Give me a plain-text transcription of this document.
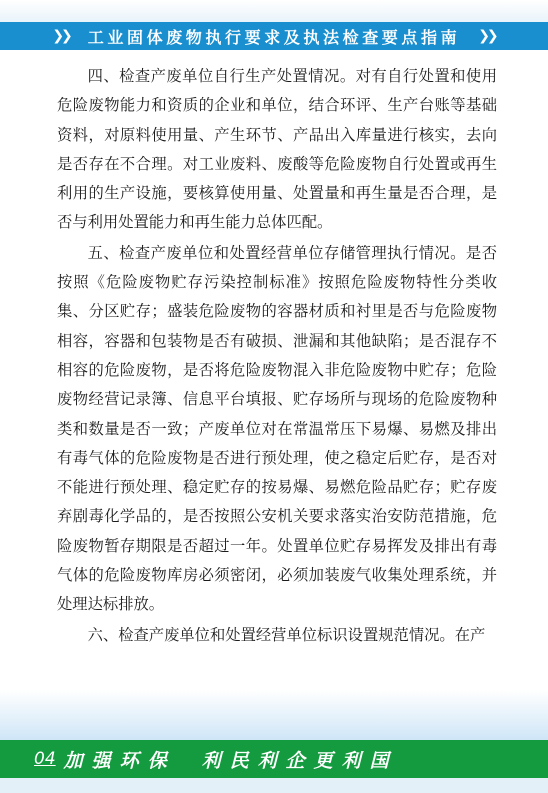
❯❯ 工业固体废物执行要求及执法检查要点指南 ❯❯

四、检查产废单位自行生产处置情况。对有自行处置和使用危险废物能力和资质的企业和单位，结合环评、生产台账等基础资料，对原料使用量、产生环节、产品出入库量进行核实，去向是否存在不合理。对工业废料、废酸等危险废物自行处置或再生利用的生产设施，要核算使用量、处置量和再生量是否合理，是否与利用处置能力和再生能力总体匹配。

五、检查产废单位和处置经营单位存储管理执行情况。是否按照《危险废物贮存污染控制标准》按照危险废物特性分类收集、分区贮存；盛装危险废物的容器材质和衬里是否与危险废物相容，容器和包装物是否有破损、泄漏和其他缺陷；是否混存不相容的危险废物，是否将危险废物混入非危险废物中贮存；危险废物经营记录簿、信息平台填报、贮存场所与现场的危险废物种类和数量是否一致；产废单位对在常温常压下易爆、易燃及排出有毒气体的危险废物是否进行预处理，使之稳定后贮存，是否对不能进行预处理、稳定贮存的按易爆、易燃危险品贮存；贮存废弃剧毒化学品的，是否按照公安机关要求落实治安防范措施，危险废物暂存期限是否超过一年。处置单位贮存易挥发及排出有毒气体的危险废物库房必须密闭，必须加装废气收集处理系统，并处理达标排放。

六、检查产废单位和处置经营单位标识设置规范情况。在产

04 加强环保 利民利企更利国
